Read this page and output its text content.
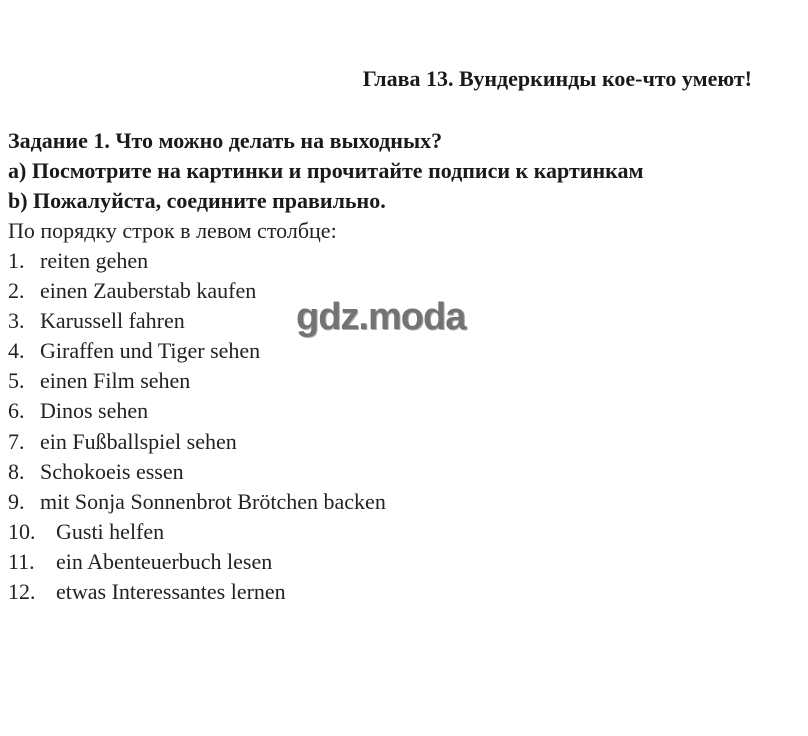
Глава 13. Вундеркинды кое-что умеют!
Задание 1. Что можно делать на выходных?
a) Посмотрите на картинки и прочитайте подписи к картинкам
b) Пожалуйста, соедините правильно.
По порядку строк в левом столбце:
1. reiten gehen
2. einen Zauberstab kaufen
3. Karussell fahren
4. Giraffen und Tiger sehen
5. einen Film sehen
6. Dinos sehen
7. ein Fußballspiel sehen
8. Schokoeis essen
9. mit Sonja Sonnenbrot Brötchen backen
10. Gusti helfen
11. ein Abenteuerbuch lesen
12. etwas Interessantes lernen
gdz.moda
